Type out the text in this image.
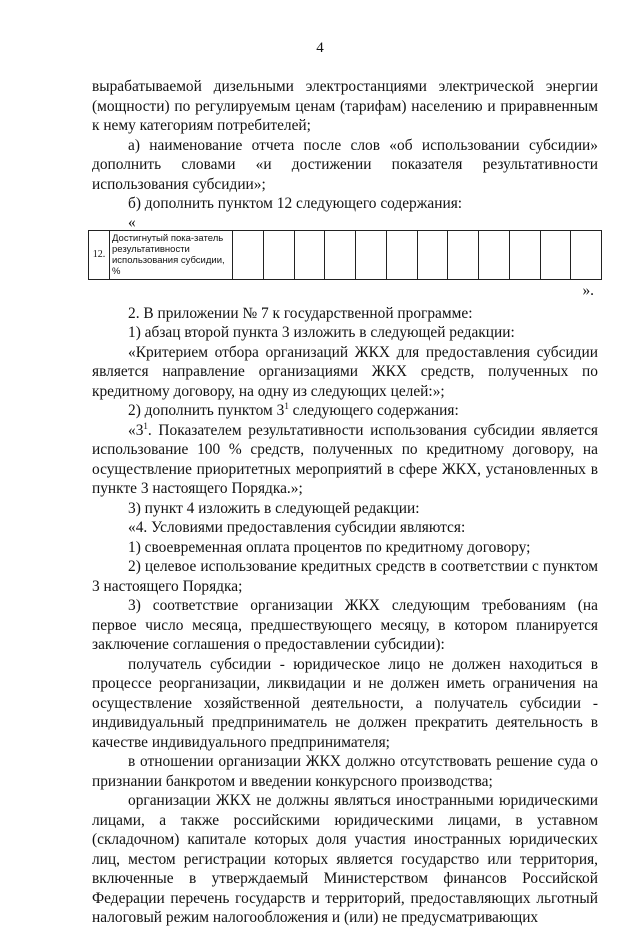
4

вырабатываемой дизельными электростанциями электрической энергии (мощности) по регулируемым ценам (тарифам) населению и приравненным к нему категориям потребителей;

а) наименование отчета после слов «об использовании субсидии» дополнить словами «и достижении показателя результативности использования субсидии»;

б) дополнить пунктом 12 следующего содержания:

«
12.	Достигнутый пока-затель результативности использования субсидии, %												
».

2. В приложении № 7 к государственной программе:

1) абзац второй пункта 3 изложить в следующей редакции:

«Критерием отбора организаций ЖКХ для предоставления субсидии является направление организациями ЖКХ средств, полученных по кредитному договору, на одну из следующих целей:»;

2) дополнить пунктом $3^1$ следующего содержания:

«$3^1$. Показателем результативности использования субсидии является использование 100 % средств, полученных по кредитному договору, на осуществление приоритетных мероприятий в сфере ЖКХ, установленных в пункте 3 настоящего Порядка.»;

3) пункт 4 изложить в следующей редакции:

«4. Условиями предоставления субсидии являются:

1) своевременная оплата процентов по кредитному договору;

2) целевое использование кредитных средств в соответствии с пунктом 3 настоящего Порядка;

3) соответствие организации ЖКХ следующим требованиям (на первое число месяца, предшествующего месяцу, в котором планируется заключение соглашения о предоставлении субсидии):

получатель субсидии - юридическое лицо не должен находиться в процессе реорганизации, ликвидации и не должен иметь ограничения на осуществление хозяйственной деятельности, а получатель субсидии - индивидуальный предприниматель не должен прекратить деятельность в качестве индивидуального предпринимателя;

в отношении организации ЖКХ должно отсутствовать решение суда о признании банкротом и введении конкурсного производства;

организации ЖКХ не должны являться иностранными юридическими лицами, а также российскими юридическими лицами, в уставном (складочном) капитале которых доля участия иностранных юридических лиц, местом регистрации которых является государство или территория, включенные в утверждаемый Министерством финансов Российской Федерации перечень государств и территорий, предоставляющих льготный налоговый режим налогообложения и (или) не предусматривающих
